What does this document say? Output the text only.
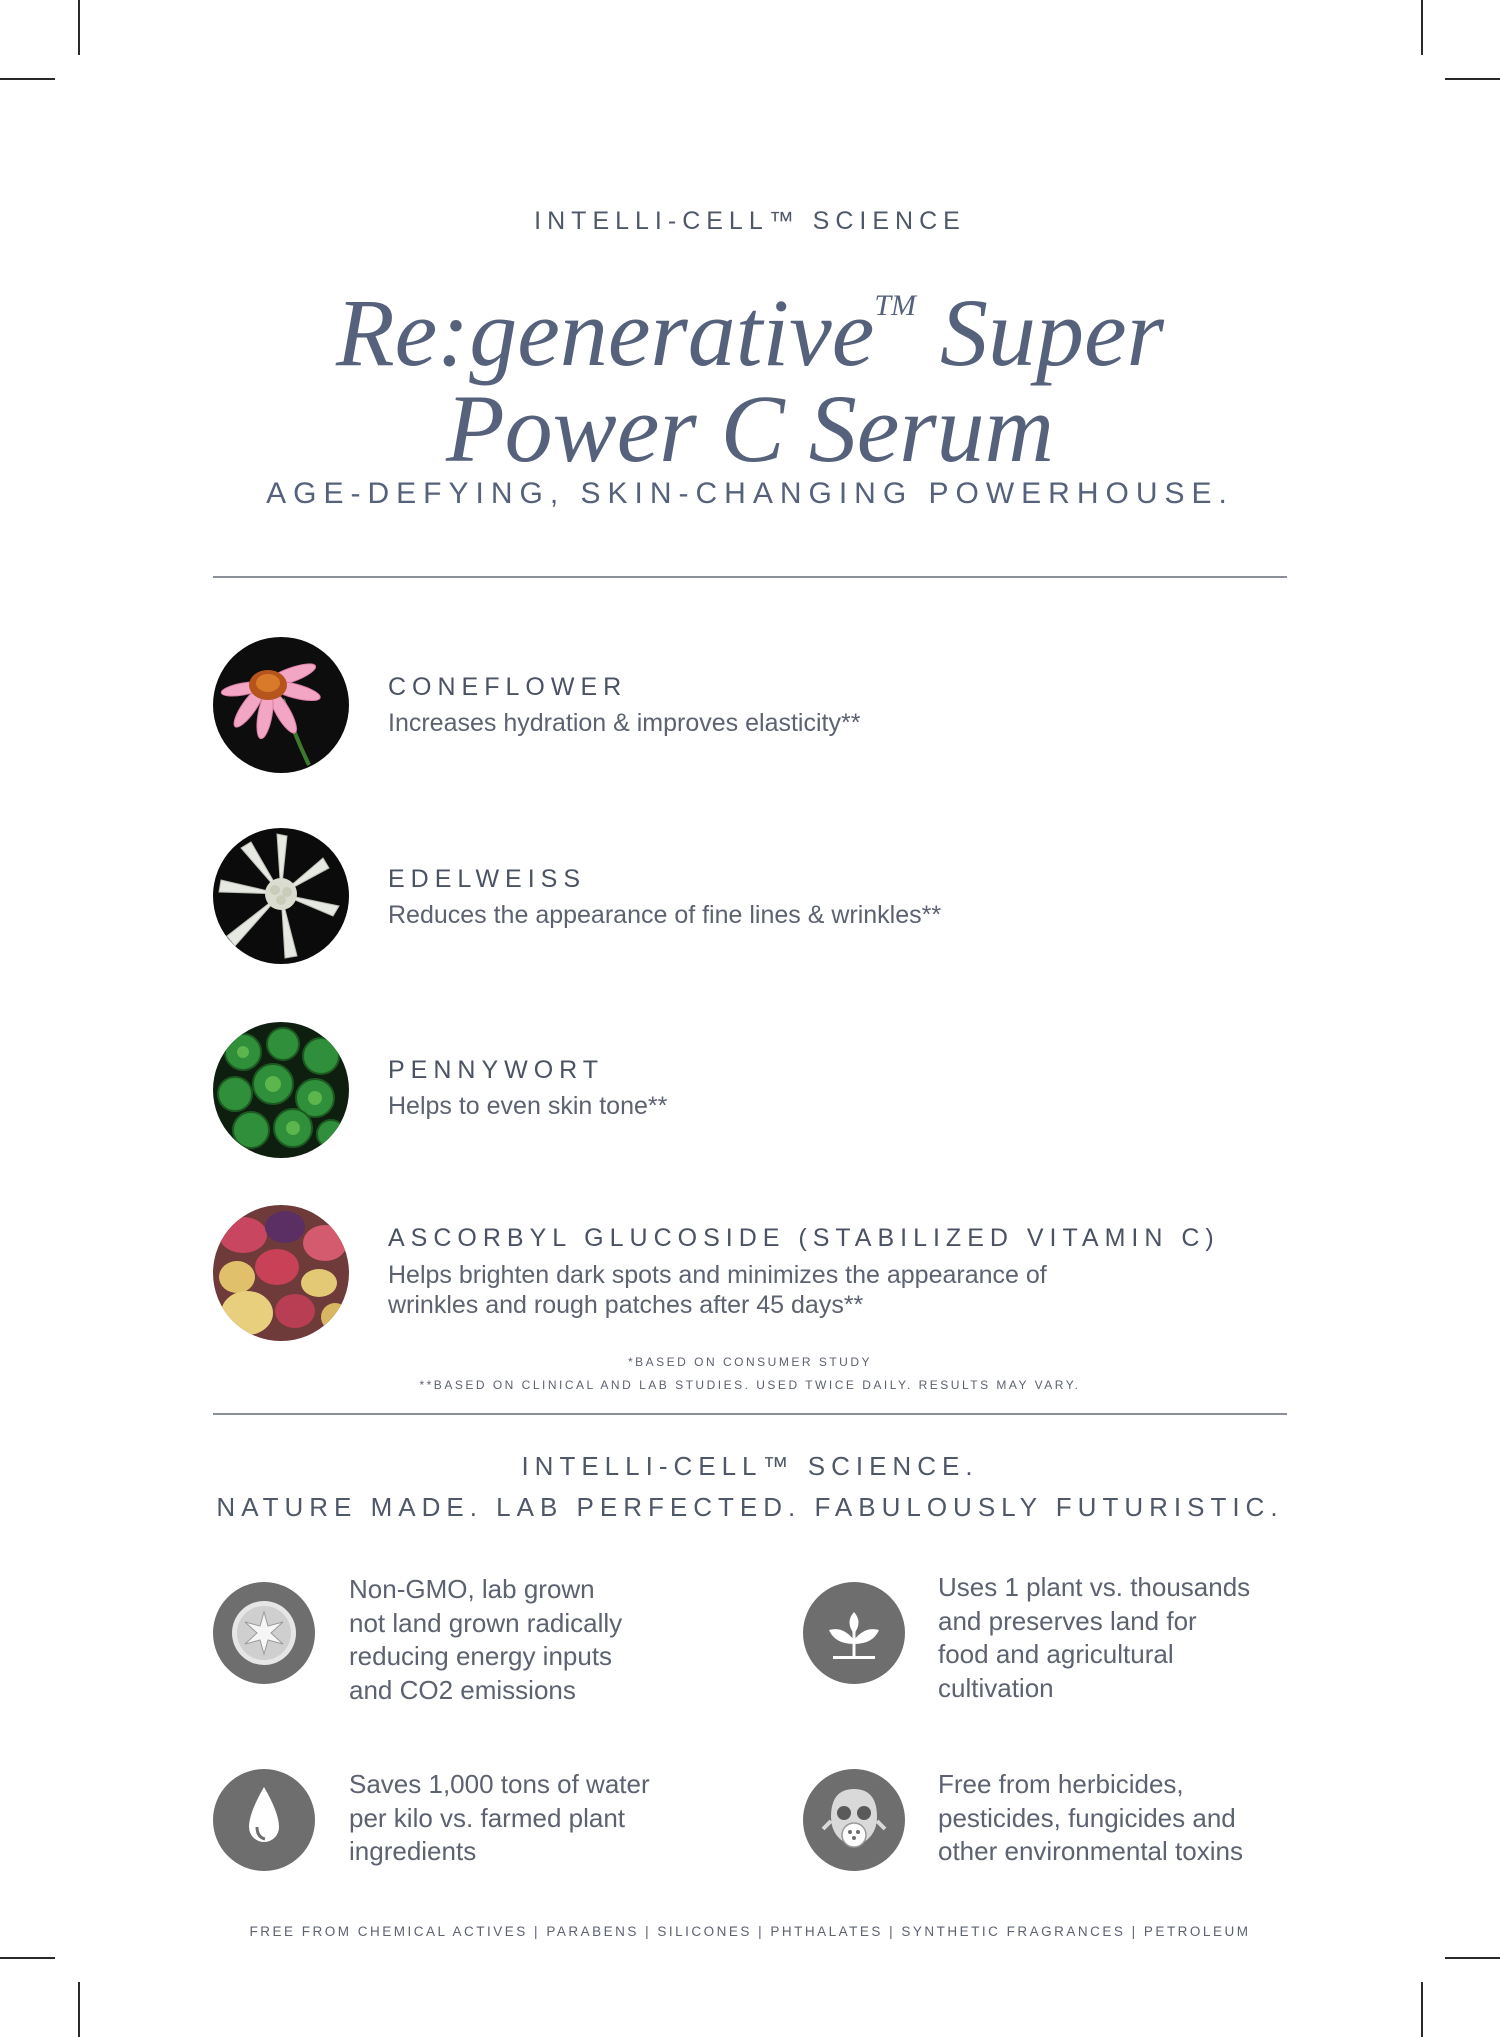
INTELLI-CELL™ SCIENCE
Re:generative™ Super
Power C Serum
AGE-DEFYING, SKIN-CHANGING POWERHOUSE.
CONEFLOWER
Increases hydration & improves elasticity**
EDELWEISS
Reduces the appearance of fine lines & wrinkles**
PENNYWORT
Helps to even skin tone**
ASCORBYL GLUCOSIDE (STABILIZED VITAMIN C)
Helps brighten dark spots and minimizes the appearance of
wrinkles and rough patches after 45 days**
*BASED ON CONSUMER STUDY
**BASED ON CLINICAL AND LAB STUDIES. USED TWICE DAILY. RESULTS MAY VARY.
INTELLI-CELL™ SCIENCE.
NATURE MADE. LAB PERFECTED. FABULOUSLY FUTURISTIC.
Non-GMO, lab grown
not land grown radically
reducing energy inputs
and CO2 emissions
Uses 1 plant vs. thousands
and preserves land for
food and agricultural
cultivation
Saves 1,000 tons of water
per kilo vs. farmed plant
ingredients
Free from herbicides,
pesticides, fungicides and
other environmental toxins
FREE FROM CHEMICAL ACTIVES | PARABENS | SILICONES | PHTHALATES | SYNTHETIC FRAGRANCES | PETROLEUM
